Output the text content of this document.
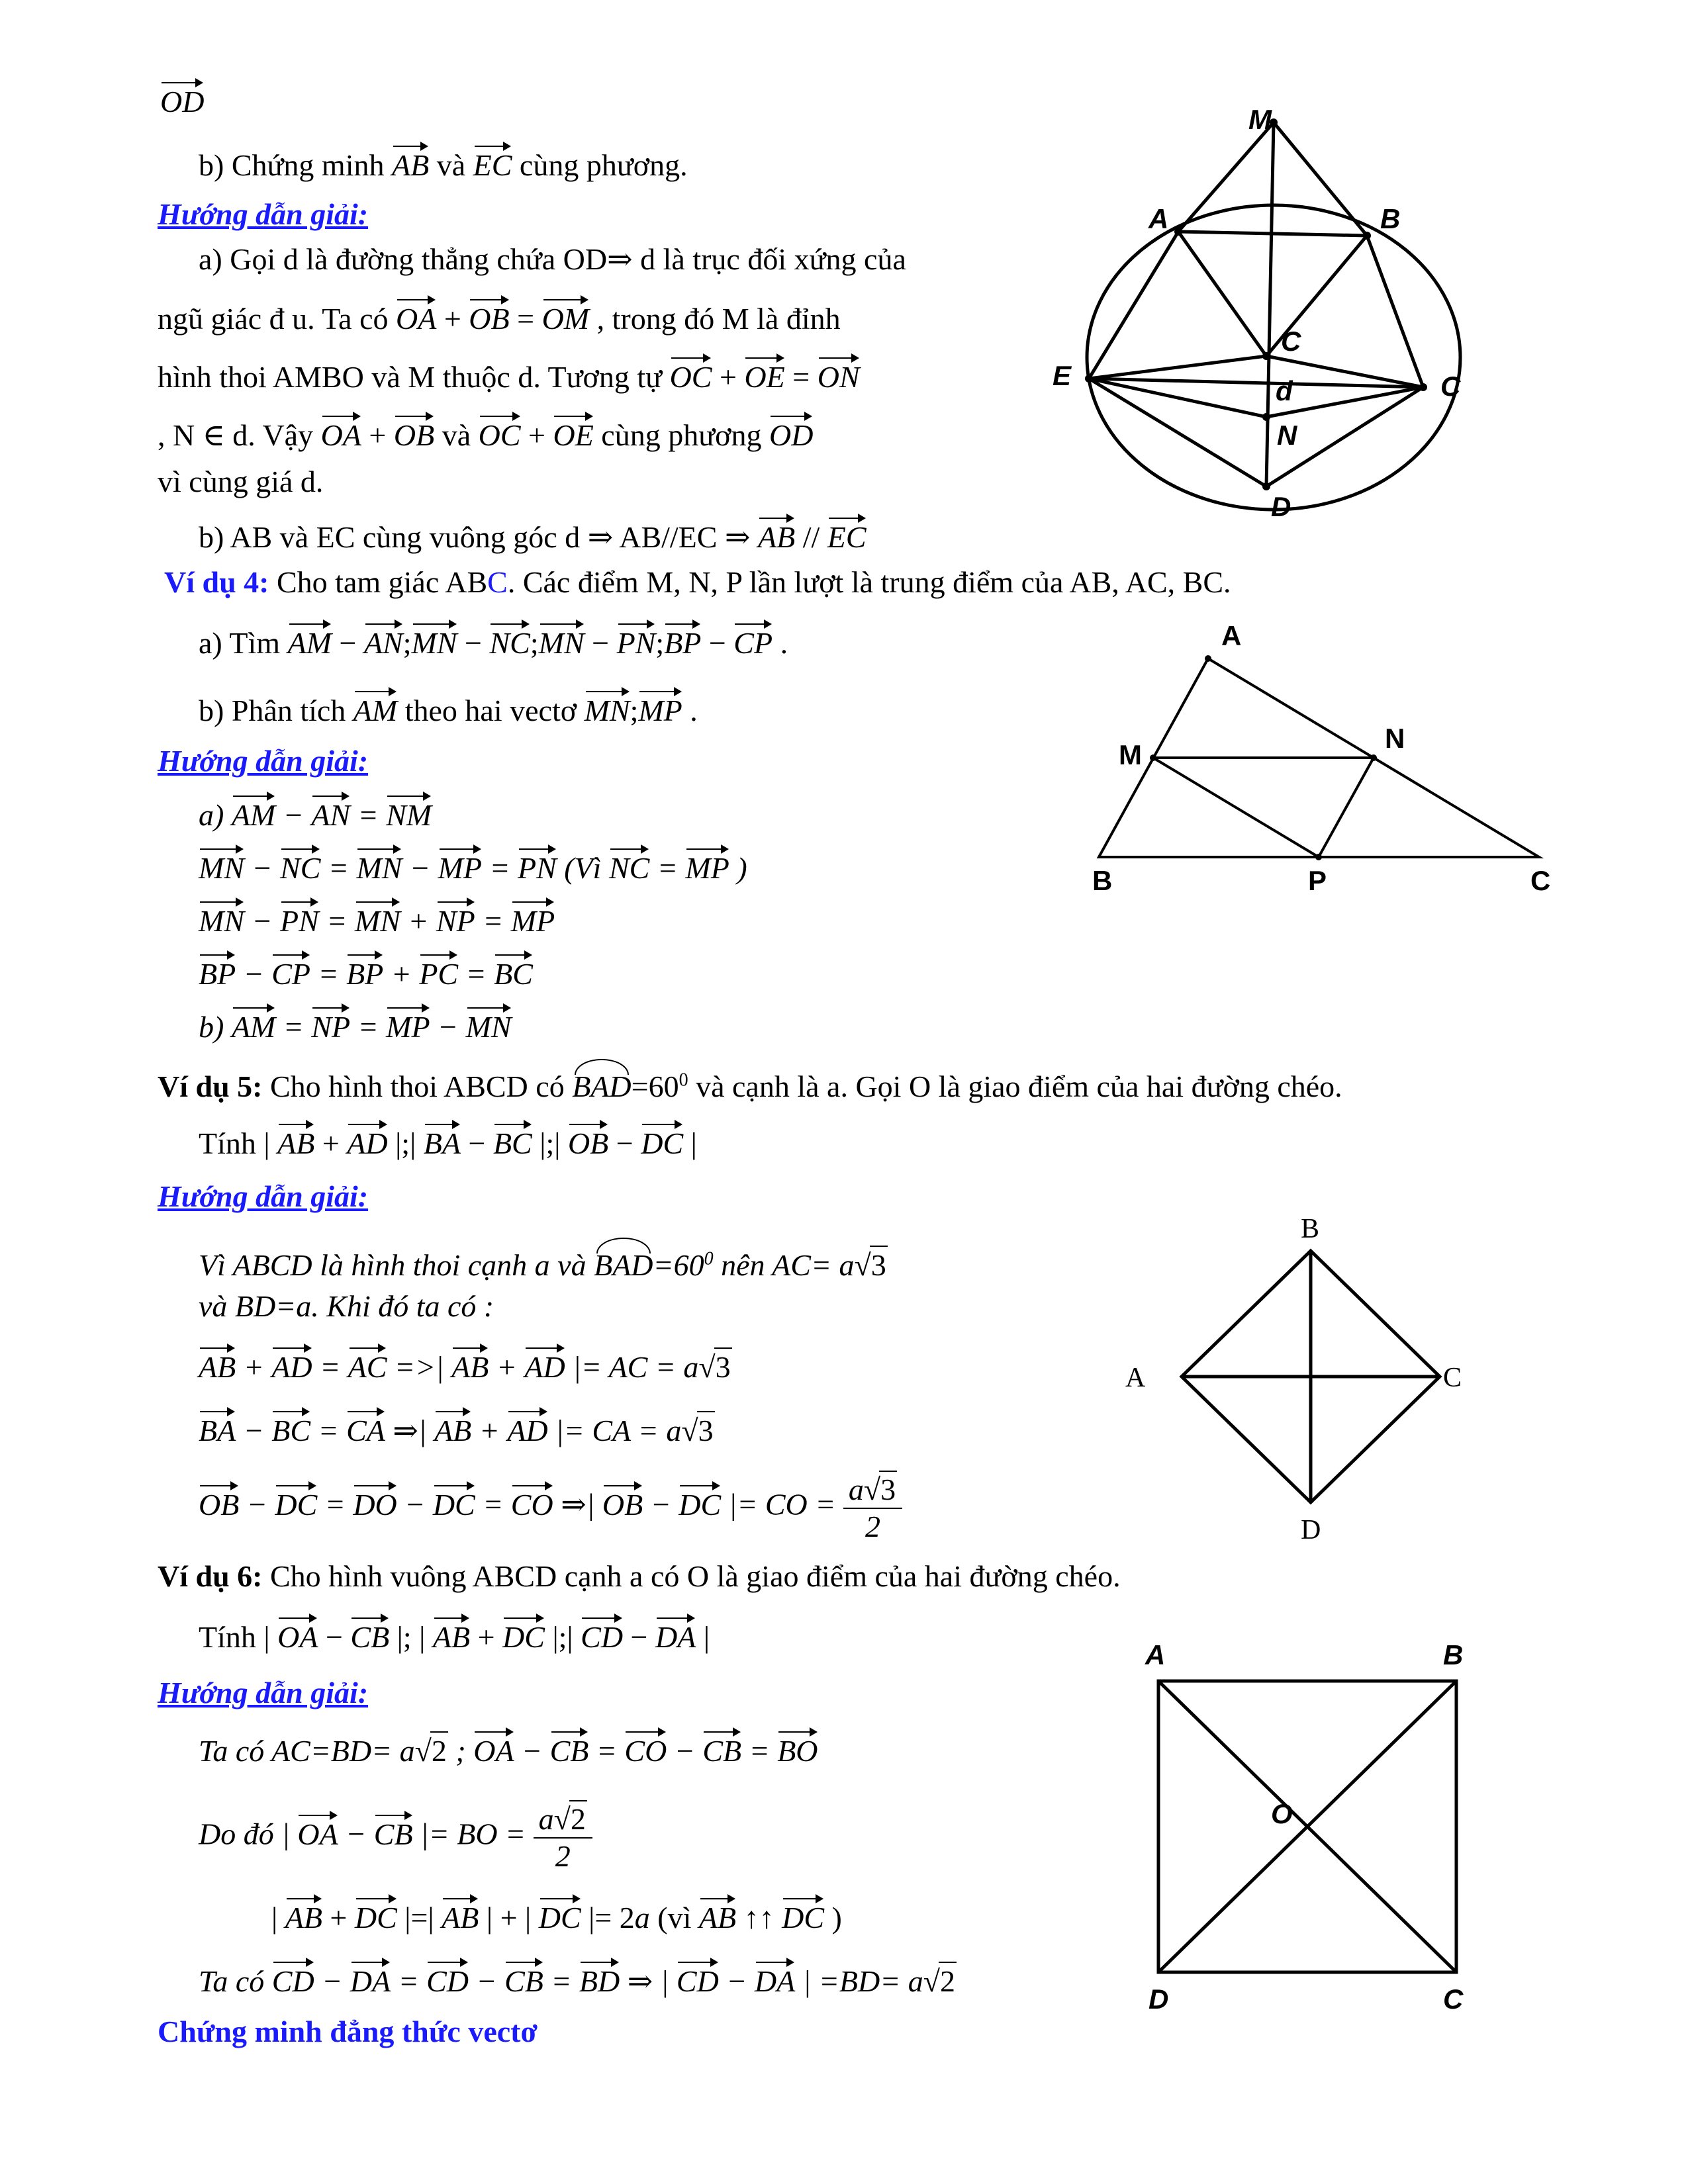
OD
b) Chứng minh AB và EC cùng phương.
Hướng dẫn giải:
a) Gọi d là đường thẳng chứa OD⇒ d là trục đối xứng của
ngũ giác đ u. Ta có OA + OB = OM , trong đó M là đỉnh
hình thoi AMBO và M thuộc d. Tương tự OC + OE = ON
, N ∈ d. Vậy OA + OB và OC + OE cùng phương OD
vì cùng giá d.
b) AB và EC cùng vuông góc d ⇒ AB//EC ⇒ AB // EC
M
A	B
C
E	d
N
C
D
Ví dụ 4: Cho tam giác ABC. Các điểm M, N, P lần lượt là trung điểm của AB, AC, BC.
a) Tìm AM − AN;MN − NC;MN − PN;BP − CP .
b) Phân tích AM theo hai vectơ MN;MP .
Hướng dẫn giải:
a) AM − AN = NM
MN − NC = MN − MP = PN (Vì NC = MP )
MN − PN = MN + NP = MP
BP − CP = BP + PC = BC
b) AM = NP = MP − MN
A
M
N
B	P	C
Ví dụ 5: Cho hình thoi ABCD có $BAD=60^0$ và cạnh là a. Gọi O là giao điểm của hai đường chéo.
Tính | AB + AD |;| BA − BC |;| OB − DC |
Hướng dẫn giải:
Vì ABCD là hình thoi cạnh a và $BAD=60^0$ nên AC= a√3
và BD=a. Khi đó ta có :
AB + AD = AC =>| AB + AD |= AC = a√3
BA − BC = CA ⇒| AB + AD |= CA = a√3
OB − DC = DO − DC = CO ⇒| OB − DC |= CO = $\frac{a√3}{2}$
B
A	C
D
Ví dụ 6: Cho hình vuông ABCD cạnh a có O là giao điểm của hai đường chéo.
Tính | OA − CB |; | AB + DC |;| CD − DA |
Hướng dẫn giải:
Ta có AC=BD= a√2 ; OA − CB = CO − CB = BO
Do đó | OA − CB |= BO = $\frac{a√2}{2}$
| AB + DC |=| AB | + | DC |= 2a (vì AB ↑↑ DC )
Ta có CD − DA = CD − CB = BD ⇒ | CD − DA | =BD= a√2
Chứng minh đẳng thức vectơ
A	B
O
D	C
